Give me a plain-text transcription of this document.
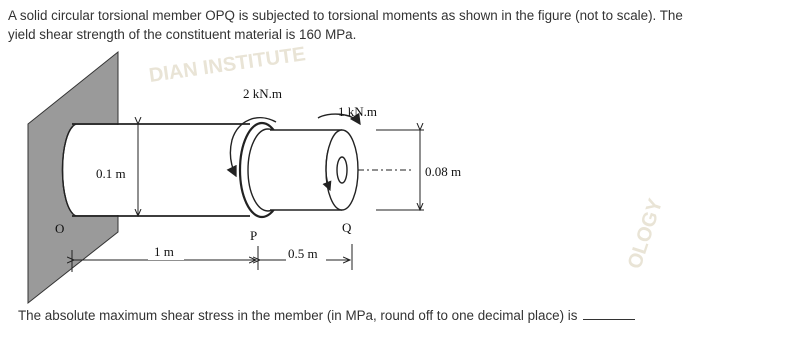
A solid circular torsional member OPQ is subjected to torsional moments as shown in the figure (not to scale). The
yield shear strength of the constituent material is 160 MPa.
DIAN INSTITUTE
OLOGY
0.1 m	0.08 m
2 kN.m
1 kN.m
O	P
Q
1 m	0.5 m
The absolute maximum shear stress in the member (in MPa, round off to one decimal place) is
